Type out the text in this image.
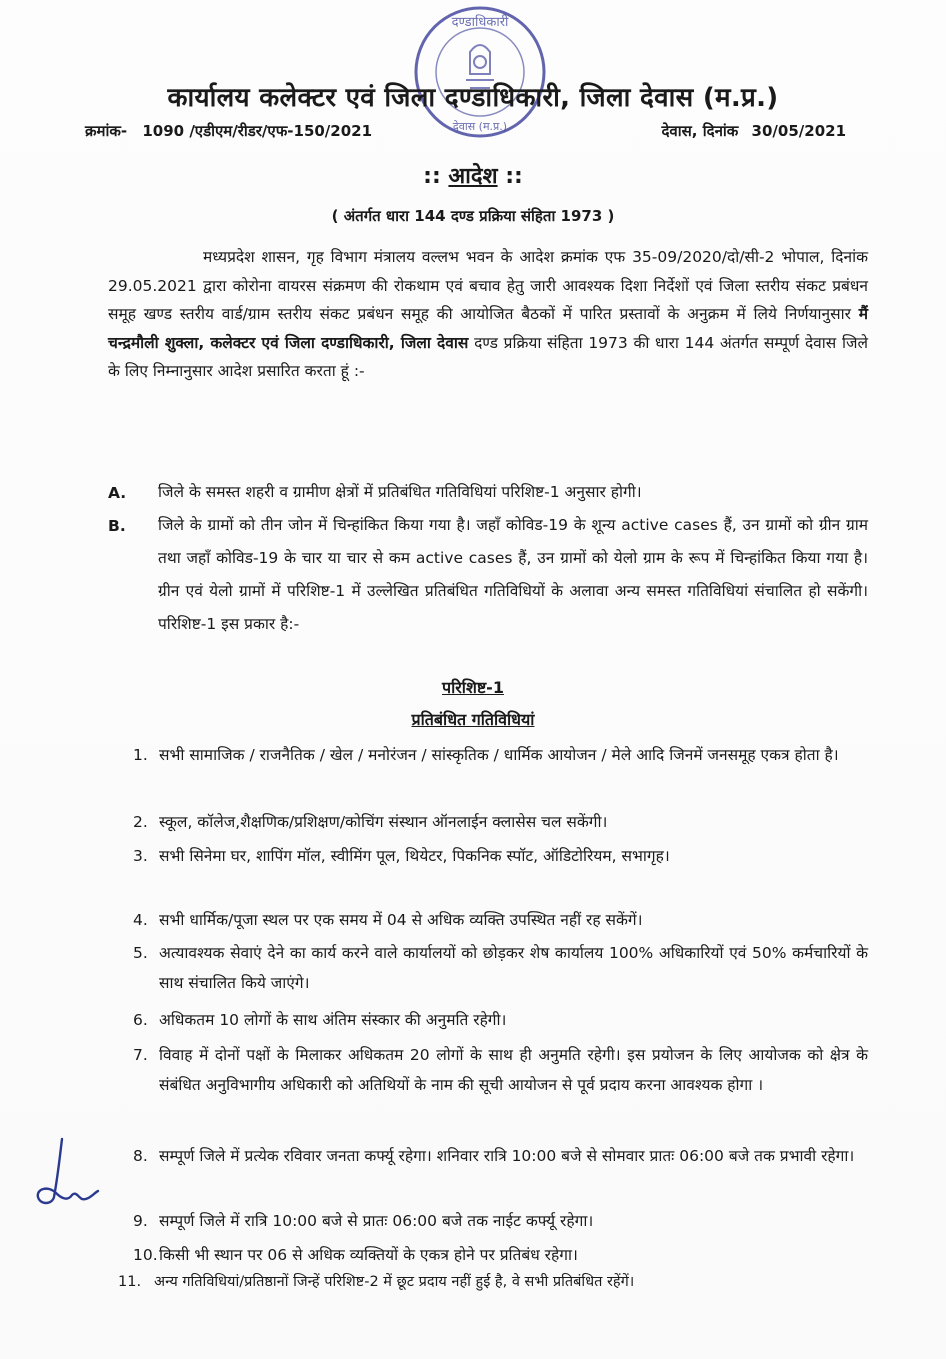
दण्डाधिकारी
देवास (म.प्र.)
कार्यालय कलेक्टर एवं जिला दण्डाधिकारी, जिला देवास (म.प्र.)
क्रमांक- 1090 /एडीएम/रीडर/एफ-150/2021	देवास, दिनांक 30/05/2021
:: आदेश ::
( अंतर्गत धारा 144 दण्ड प्रक्रिया संहिता 1973 )

मध्यप्रदेश शासन, गृह विभाग मंत्रालय वल्लभ भवन के आदेश क्रमांक एफ 35-09/2020/दो/सी-2 भोपाल, दिनांक 29.05.2021 द्वारा कोरोना वायरस संक्रमण की रोकथाम एवं बचाव हेतु जारी आवश्यक दिशा निर्देशों एवं जिला स्तरीय संकट प्रबंधन समूह खण्ड स्तरीय वार्ड/ग्राम स्तरीय संकट प्रबंधन समूह की आयोजित बैठकों में पारित प्रस्तावों के अनुक्रम में लिये निर्णयानुसार मैं चन्द्रमौली शुक्ला, कलेक्टर एवं जिला दण्डाधिकारी, जिला देवास दण्ड प्रक्रिया संहिता 1973 की धारा 144 अंतर्गत सम्पूर्ण देवास जिले के लिए निम्नानुसार आदेश प्रसारित करता हूं :-

A. जिले के समस्त शहरी व ग्रामीण क्षेत्रों में प्रतिबंधित गतिविधियां परिशिष्ट-1 अनुसार होगी।

B. जिले के ग्रामों को तीन जोन में चिन्हांकित किया गया है। जहाँ कोविड-19 के शून्य active cases हैं, उन ग्रामों को ग्रीन ग्राम तथा जहाँ कोविड-19 के चार या चार से कम active cases हैं, उन ग्रामों को येलो ग्राम के रूप में चिन्हांकित किया गया है। ग्रीन एवं येलो ग्रामों में परिशिष्ट-1 में उल्लेखित प्रतिबंधित गतिविधियों के अलावा अन्य समस्त गतिविधियां संचालित हो सकेंगी। परिशिष्ट-1 इस प्रकार है:-

परिशिष्ट-1
प्रतिबंधित गतिविधियां
1. सभी सामाजिक / राजनैतिक / खेल / मनोरंजन / सांस्कृतिक / धार्मिक आयोजन / मेले आदि जिनमें जनसमूह एकत्र होता है।
2. स्कूल, कॉलेज,शैक्षणिक/प्रशिक्षण/कोचिंग संस्थान ऑनलाईन क्लासेस चल सकेंगी।
3. सभी सिनेमा घर, शापिंग मॉल, स्वीमिंग पूल, थियेटर, पिकनिक स्पॉट, ऑडिटोरियम, सभागृह।
4. सभी धार्मिक/पूजा स्थल पर एक समय में 04 से अधिक व्यक्ति उपस्थित नहीं रह सकेंगें।
5. अत्यावश्यक सेवाएं देने का कार्य करने वाले कार्यालयों को छोड़कर शेष कार्यालय 100% अधिकारियों एवं 50% कर्मचारियों के साथ संचालित किये जाएंगे।
6. अधिकतम 10 लोगों के साथ अंतिम संस्कार की अनुमति रहेगी।
7. विवाह में दोनों पक्षों के मिलाकर अधिकतम 20 लोगों के साथ ही अनुमति रहेगी। इस प्रयोजन के लिए आयोजक को क्षेत्र के संबंधित अनुविभागीय अधिकारी को अतिथियों के नाम की सूची आयोजन से पूर्व प्रदाय करना आवश्यक होगा ।
8. सम्पूर्ण जिले में प्रत्येक रविवार जनता कर्फ्यू रहेगा। शनिवार रात्रि 10:00 बजे से सोमवार प्रातः 06:00 बजे तक प्रभावी रहेगा।
9. सम्पूर्ण जिले में रात्रि 10:00 बजे से प्रातः 06:00 बजे तक नाईट कर्फ्यू रहेगा।
10. किसी भी स्थान पर 06 से अधिक व्यक्तियों के एकत्र होने पर प्रतिबंध रहेगा।
11. अन्य गतिविधियां/प्रतिष्ठानों जिन्हें परिशिष्ट-2 में छूट प्रदाय नहीं हुई है, वे सभी प्रतिबंधित रहेंगें।
